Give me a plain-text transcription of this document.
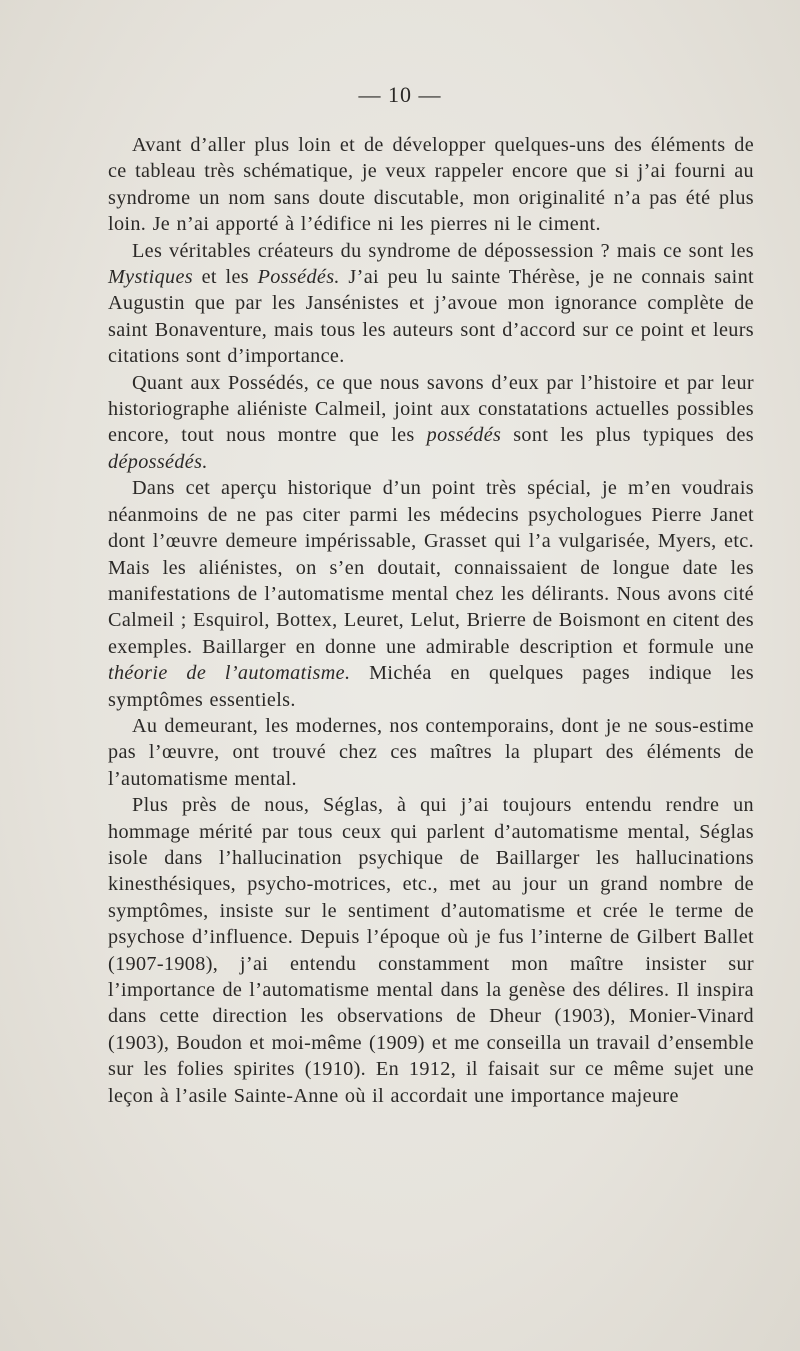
— 10 —

Avant d’aller plus loin et de développer quelques-uns des éléments de ce tableau très schématique, je veux rappeler encore que si j’ai fourni au syndrome un nom sans doute discutable, mon originalité n’a pas été plus loin. Je n’ai apporté à l’édifice ni les pierres ni le ciment.

Les véritables créateurs du syndrome de dépossession ? mais ce sont les Mystiques et les Possédés. J’ai peu lu sainte Thérèse, je ne connais saint Augustin que par les Jansénistes et j’avoue mon ignorance complète de saint Bonaventure, mais tous les auteurs sont d’accord sur ce point et leurs citations sont d’importance.

Quant aux Possédés, ce que nous savons d’eux par l’histoire et par leur historiographe aliéniste Calmeil, joint aux constatations actuelles possibles encore, tout nous montre que les possédés sont les plus typiques des dépossédés.

Dans cet aperçu historique d’un point très spécial, je m’en voudrais néanmoins de ne pas citer parmi les médecins psychologues Pierre Janet dont l’œuvre demeure impérissable, Grasset qui l’a vulgarisée, Myers, etc. Mais les aliénistes, on s’en doutait, connaissaient de longue date les manifestations de l’automatisme mental chez les délirants. Nous avons cité Calmeil ; Esquirol, Bottex, Leuret, Lelut, Brierre de Boismont en citent des exemples. Baillarger en donne une admirable description et formule une théorie de l’automatisme. Michéa en quelques pages indique les symptômes essentiels.

Au demeurant, les modernes, nos contemporains, dont je ne sous-estime pas l’œuvre, ont trouvé chez ces maîtres la plupart des éléments de l’automatisme mental.

Plus près de nous, Séglas, à qui j’ai toujours entendu rendre un hommage mérité par tous ceux qui parlent d’automatisme mental, Séglas isole dans l’hallucination psychique de Baillarger les hallucinations kinesthésiques, psycho-motrices, etc., met au jour un grand nombre de symptômes, insiste sur le sentiment d’automatisme et crée le terme de psychose d’influence. Depuis l’époque où je fus l’interne de Gilbert Ballet (1907-1908), j’ai entendu constamment mon maître insister sur l’importance de l’automatisme mental dans la genèse des délires. Il inspira dans cette direction les observations de Dheur (1903), Monier-Vinard (1903), Boudon et moi-même (1909) et me conseilla un travail d’ensemble sur les folies spirites (1910). En 1912, il faisait sur ce même sujet une leçon à l’asile Sainte-Anne où il accordait une importance majeure
